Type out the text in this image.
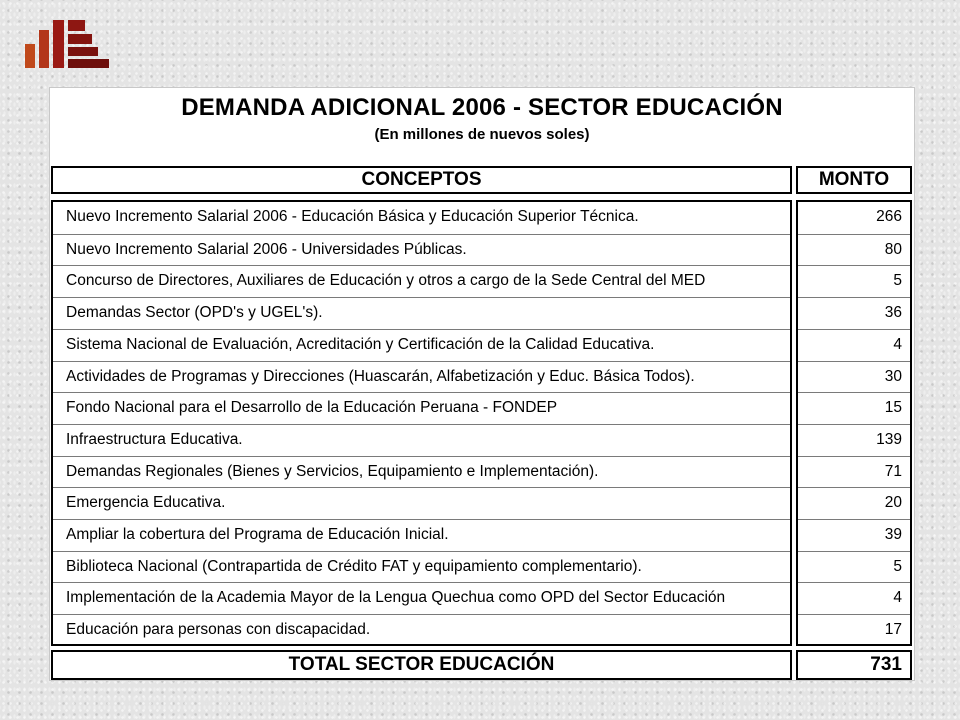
DEMANDA ADICIONAL 2006 - SECTOR EDUCACIÓN
(En millones de nuevos soles)
CONCEPTOS	MONTO
Nuevo Incremento Salarial 2006 - Educación Básica y Educación Superior Técnica.
Nuevo Incremento Salarial 2006 - Universidades Públicas.
Concurso de Directores, Auxiliares de Educación y otros a cargo de la Sede Central del MED
Demandas Sector (OPD's y UGEL's).
Sistema Nacional de Evaluación, Acreditación y Certificación de la Calidad Educativa.
Actividades de Programas y Direcciones (Huascarán, Alfabetización y Educ. Básica Todos).
Fondo Nacional para el Desarrollo de la Educación Peruana - FONDEP
Infraestructura Educativa.
Demandas Regionales (Bienes y Servicios, Equipamiento e Implementación).
Emergencia Educativa.
Ampliar la cobertura del Programa de Educación Inicial.
Biblioteca Nacional (Contrapartida de Crédito FAT y equipamiento complementario).
Implementación de la Academia Mayor de la Lengua Quechua como OPD del Sector Educación
Educación para personas con discapacidad.
266
80
5
36
4
30
15
139
71
20
39
5
4
17
TOTAL SECTOR EDUCACIÓN	731
